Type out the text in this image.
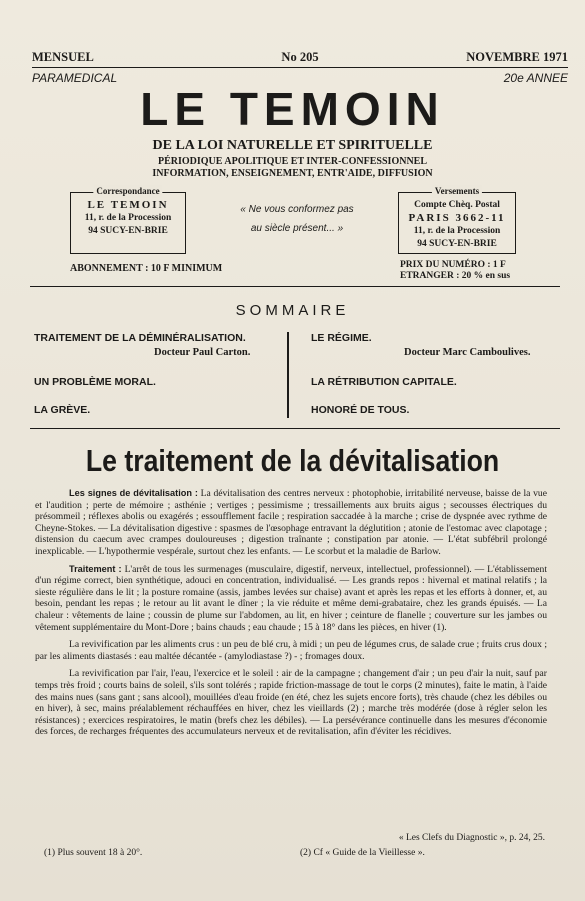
MENSUEL	No 205	NOVEMBRE 1971
PARAMEDICAL	20e ANNEE
LE TEMOIN
DE LA LOI NATURELLE ET SPIRITUELLE
PÉRIODIQUE APOLITIQUE ET INTER-CONFESSIONNEL
INFORMATION, ENSEIGNEMENT, ENTR'AIDE, DIFFUSION
Correspondance
LE TEMOIN
11, r. de la Procession
94 SUCY-EN-BRIE
« Ne vous conformez pas
au siècle présent... »
Versements
Compte Chèq. Postal
PARIS 3662-11
11, r. de la Procession
94 SUCY-EN-BRIE
ABONNEMENT : 10 F MINIMUM	PRIX DU NUMÉRO : 1 F
ETRANGER : 20 % en sus
SOMMAIRE
TRAITEMENT DE LA DÉMINÉRALISATION.
Docteur Paul Carton.
UN PROBLÈME MORAL.
LA GRÈVE.
LE RÉGIME.
Docteur Marc Camboulives.
LA RÉTRIBUTION CAPITALE.
HONORÉ DE TOUS.
Le traitement de la dévitalisation

Les signes de dévitalisation : La dévitalisation des centres nerveux : photophobie, irritabilité nerveuse, baisse de la vue et l'audition ; perte de mémoire ; asthénie ; vertiges ; pessimisme ; tressaillements aux bruits aigus ; secousses électriques du présommeil ; réflexes abolis ou exagérés ; essoufflement facile ; respiration saccadée à la marche ; crise de dyspnée avec rythme de Cheyne-Stokes. — La dévitalisation digestive : spasmes de l'œsophage entravant la déglutition ; atonie de l'estomac avec clapotage ; distension du caecum avec crampes douloureuses ; digestion traînante ; constipation par atonie. — L'état subfébril prolongé inexplicable. — L'hypothermie vespérale, surtout chez les enfants. — Le scorbut et la maladie de Barlow.

Traitement : L'arrêt de tous les surmenages (musculaire, digestif, nerveux, intellectuel, professionnel). — L'établissement d'un régime correct, bien synthétique, adouci en concentration, individualisé. — Les grands repos : hivernal et matinal relatifs ; la sieste régulière dans le lit ; la posture romaine (assis, jambes levées sur chaise) avant et après les repas et les efforts à donner, et, au besoin, pendant les repas ; le retour au lit avant le dîner ; la vie réduite et même demi-grabataire, chez les grands épuisés. — La chaleur : vêtements de laine ; coussin de plume sur l'abdomen, au lit, en hiver ; ceinture de flanelle ; couverture sur les jambes ou vêtement supplémentaire du Mont-Dore ; bains chauds ; eau chaude ; 15 à 18° dans les pièces, en hiver (1).

La revivification par les aliments crus : un peu de blé cru, à midi ; un peu de légumes crus, de salade crue ; fruits crus doux ; par les aliments diastasés : eau maltée décantée - (amylodiastase ?) - ; fromages doux.

La revivification par l'air, l'eau, l'exercice et le soleil : air de la campagne ; changement d'air ; un peu d'air la nuit, sauf par temps très froid ; courts bains de soleil, s'ils sont tolérés ; rapide friction-massage de tout le corps (2 minutes), faite le matin, à l'aide des mains nues (sans gant ; sans alcool), mouillées d'eau froide (en été, chez les sujets encore forts), très chaude (chez les débiles ou en hiver), à sec, mains préalablement réchauffées en hiver, chez les vieillards (2) ; marche très modérée (dose à régler selon les résistances) ; exercices respiratoires, le matin (brefs chez les débiles). — La persévérance continuelle dans les mesures d'économie des forces, de recharges fréquentes des accumulateurs nerveux et de revitalisation, afin d'éviter les récidives.

« Les Clefs du Diagnostic », p. 24, 25.
(1) Plus souvent 18 à 20°.	(2) Cf « Guide de la Vieillesse ».
